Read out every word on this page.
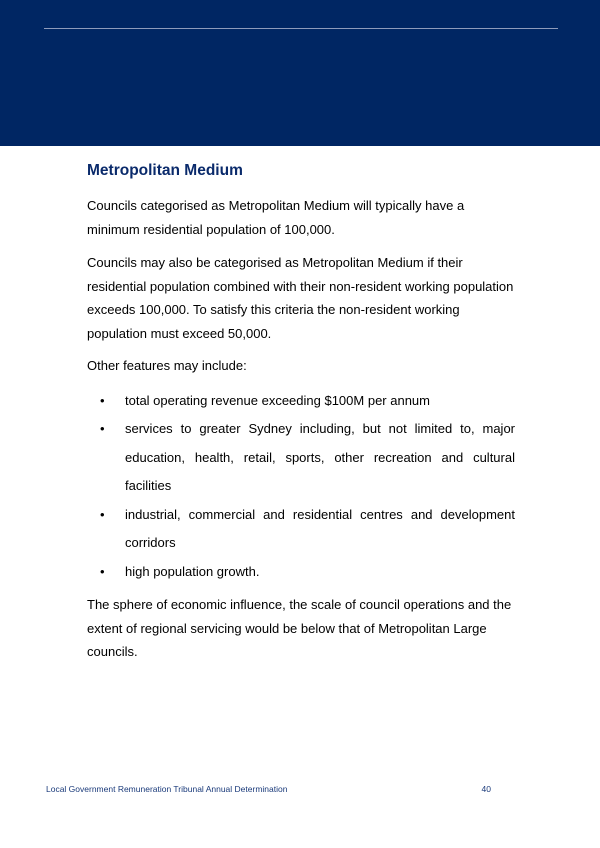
Metropolitan Medium

Councils categorised as Metropolitan Medium will typically have a minimum residential population of 100,000.

Councils may also be categorised as Metropolitan Medium if their residential population combined with their non-resident working population exceeds 100,000. To satisfy this criteria the non-resident working population must exceed 50,000.

Other features may include:

• total operating revenue exceeding $100M per annum
• services to greater Sydney including, but not limited to, major education, health, retail, sports, other recreation and cultural facilities
• industrial, commercial and residential centres and development corridors
• high population growth.

The sphere of economic influence, the scale of council operations and the extent of regional servicing would be below that of Metropolitan Large councils.

Local Government Remuneration Tribunal Annual Determination	40
